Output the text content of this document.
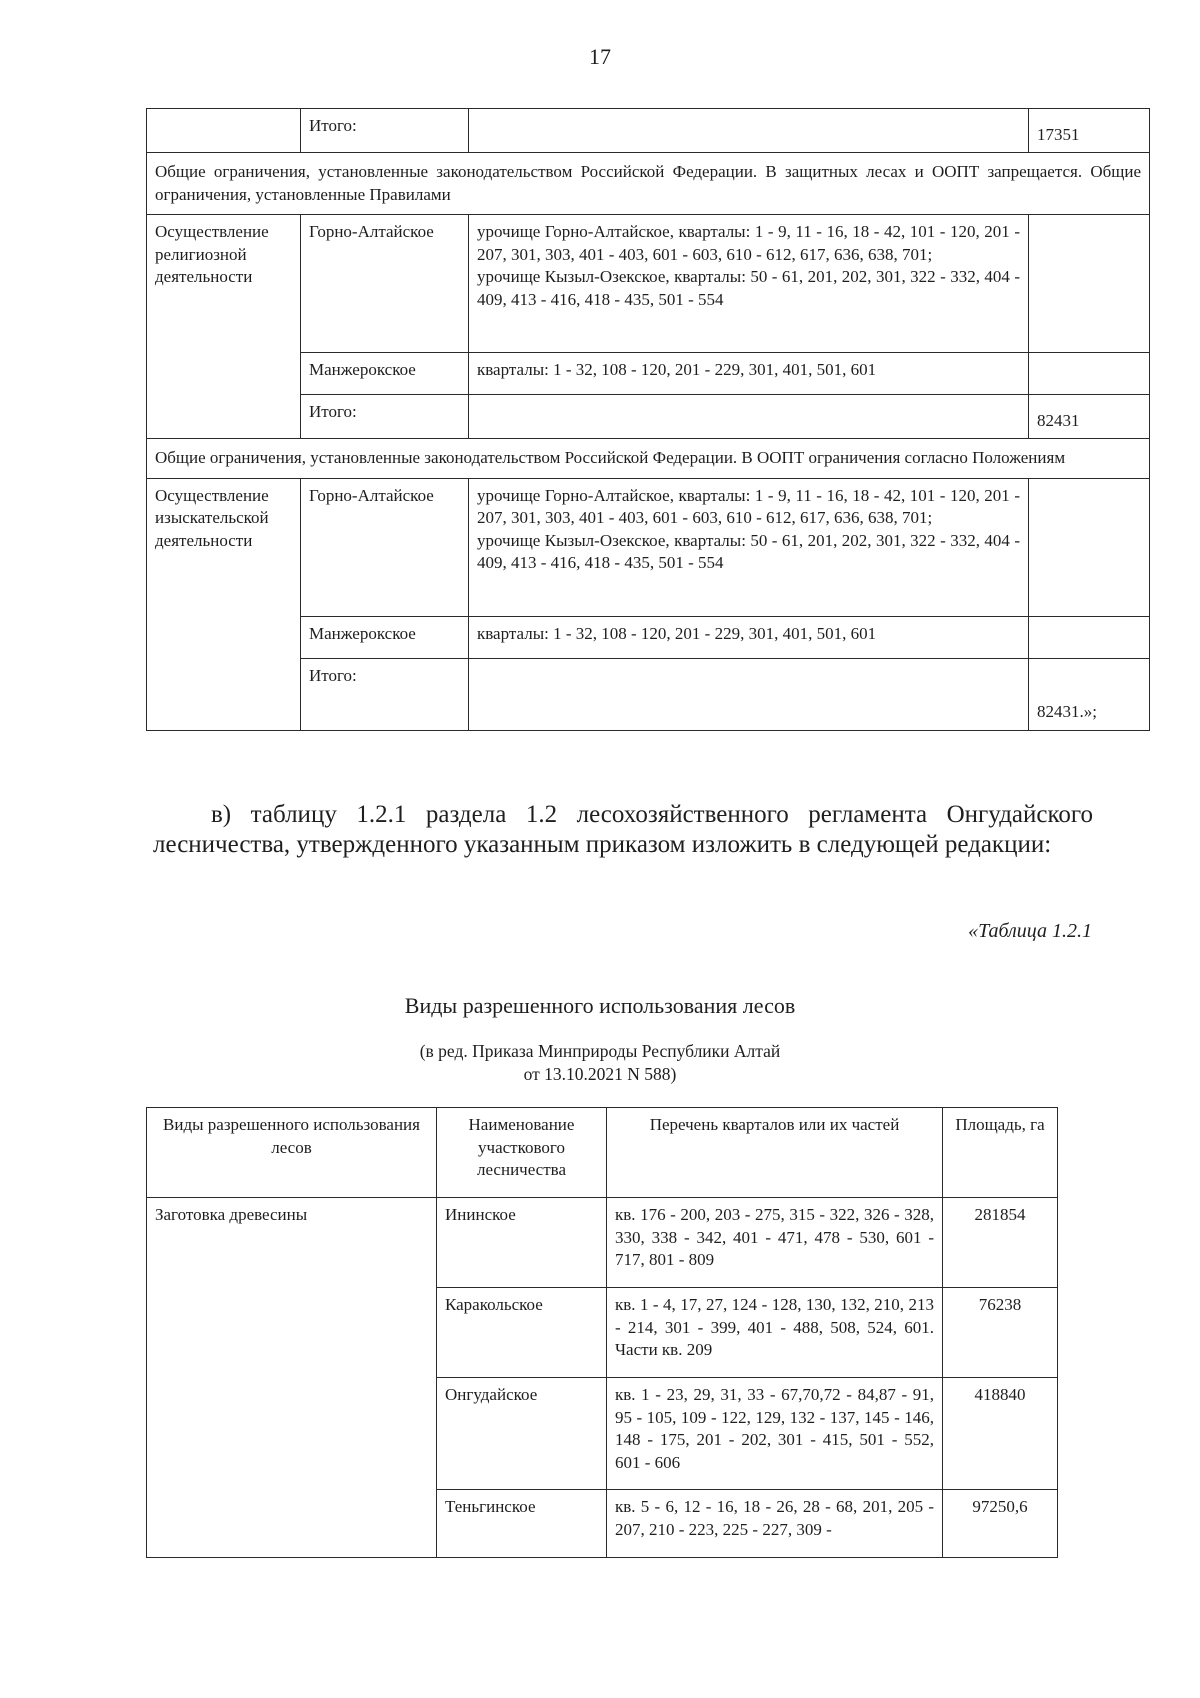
17
	Итого:		17351
Общие ограничения, установленные законодательством Российской Федерации. В защитных лесах и ООПТ запрещается. Общие ограничения, установленные Правилами			
Осуществление религиозной деятельности	Горно-Алтайское	урочище Горно-Алтайское, кварталы: 1 - 9, 11 - 16, 18 - 42, 101 - 120, 201 - 207, 301, 303, 401 - 403, 601 - 603, 610 - 612, 617, 636, 638, 701;
урочище Кызыл-Озекское, кварталы: 50 - 61, 201, 202, 301, 322 - 332, 404 - 409, 413 - 416, 418 - 435, 501 - 554	
	Манжерокское	кварталы: 1 - 32, 108 - 120, 201 - 229, 301, 401, 501, 601	
	Итого:		82431
Общие ограничения, установленные законодательством Российской Федерации. В ООПТ ограничения согласно Положениям			
Осуществление изыскательской деятельности	Горно-Алтайское	урочище Горно-Алтайское, кварталы: 1 - 9, 11 - 16, 18 - 42, 101 - 120, 201 - 207, 301, 303, 401 - 403, 601 - 603, 610 - 612, 617, 636, 638, 701;
урочище Кызыл-Озекское, кварталы: 50 - 61, 201, 202, 301, 322 - 332, 404 - 409, 413 - 416, 418 - 435, 501 - 554	
	Манжерокское	кварталы: 1 - 32, 108 - 120, 201 - 229, 301, 401, 501, 601	
	Итого:		82431.»;
в) таблицу 1.2.1 раздела 1.2 лесохозяйственного регламента Онгудайского лесничества, утвержденного указанным приказом изложить в следующей редакции:
«Таблица 1.2.1
Виды разрешенного использования лесов
(в ред. Приказа Минприроды Республики Алтай
от 13.10.2021 N 588)
Виды разрешенного использования лесов	Наименование участкового лесничества	Перечень кварталов или их частей	Площадь, га
Заготовка древесины	Ининское	кв. 176 - 200, 203 - 275, 315 - 322, 326 - 328, 330, 338 - 342, 401 - 471, 478 - 530, 601 - 717, 801 - 809	281854
	Каракольское	кв. 1 - 4, 17, 27, 124 - 128, 130, 132, 210, 213 - 214, 301 - 399, 401 - 488, 508, 524, 601. Части кв. 209	76238
	Онгудайское	кв. 1 - 23, 29, 31, 33 - 67,70,72 - 84,87 - 91, 95 - 105, 109 - 122, 129, 132 - 137, 145 - 146, 148 - 175, 201 - 202, 301 - 415, 501 - 552, 601 - 606	418840
	Теньгинское	кв. 5 - 6, 12 - 16, 18 - 26, 28 - 68, 201, 205 - 207, 210 - 223, 225 - 227, 309 -	97250,6
